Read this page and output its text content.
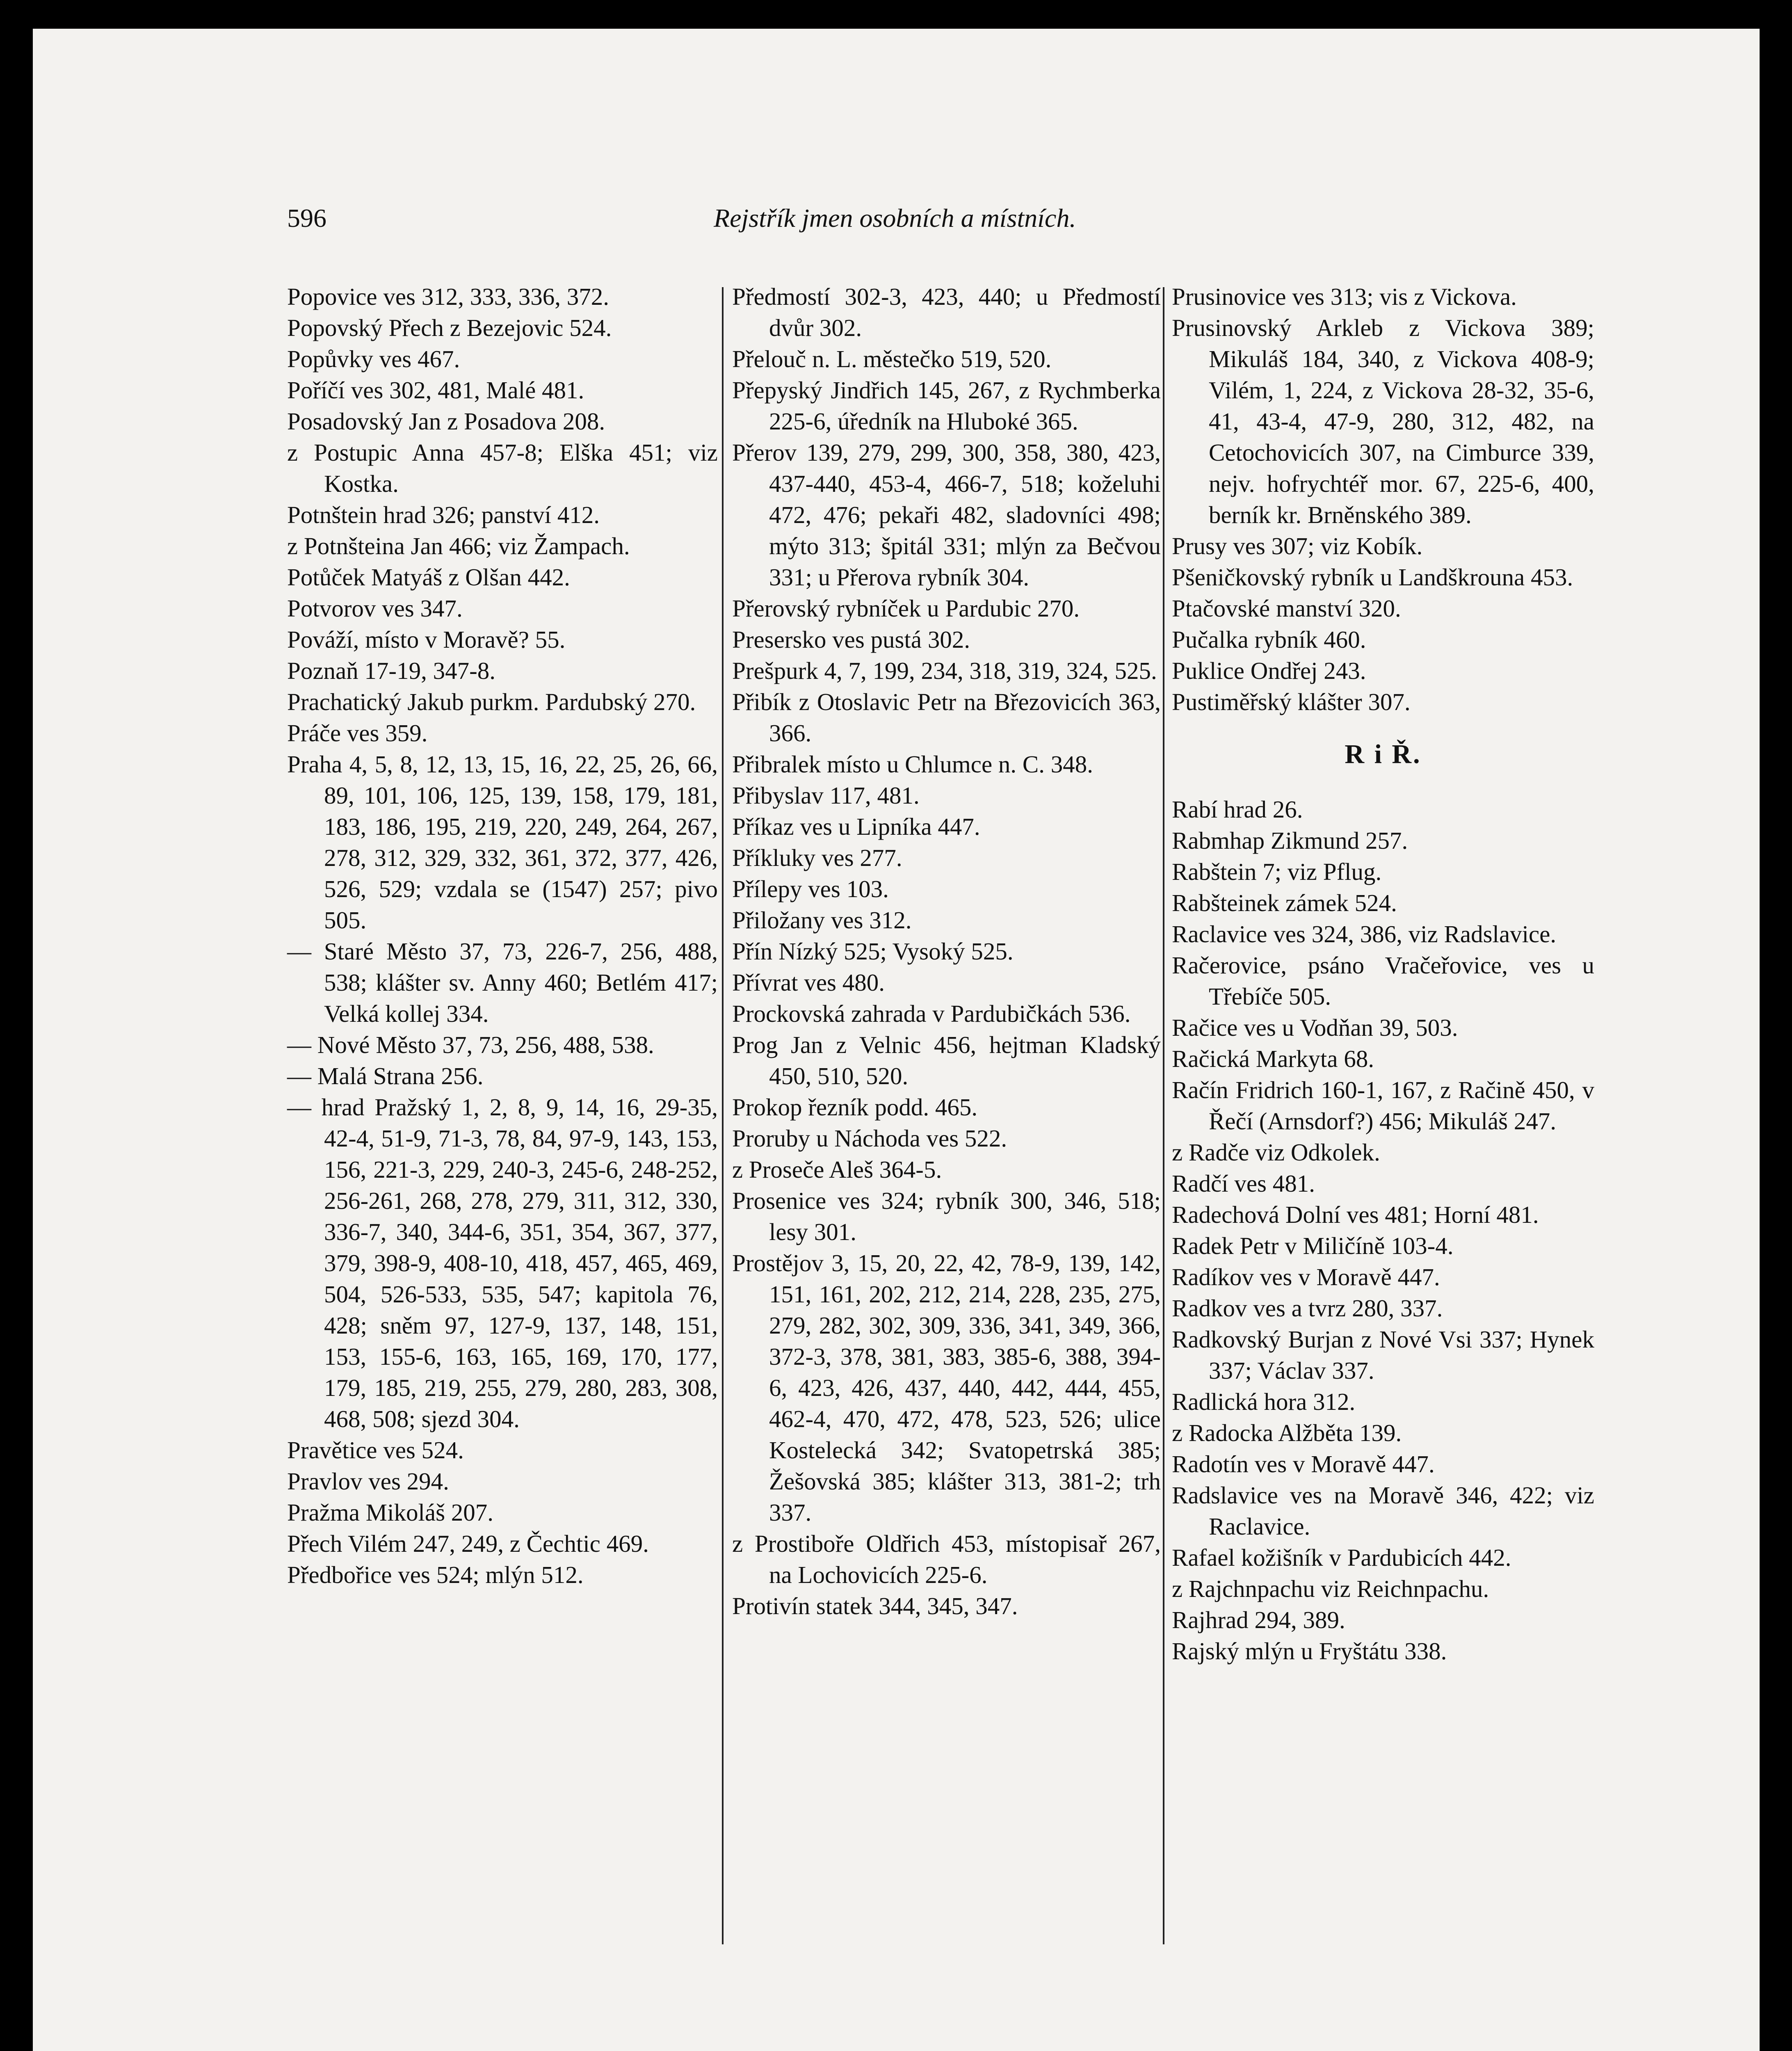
596	Rejstřík jmen osobních a místních.

Popovice ves 312, 333, 336, 372.

Popovský Přech z Bezejovic 524.

Popůvky ves 467.

Poříčí ves 302, 481, Malé 481.

Posadovský Jan z Posadova 208.

z Postupic Anna 457-8; Elška 451; viz Kostka.

Potnštein hrad 326; panství 412.

z Potnšteina Jan 466; viz Žampach.

Potůček Matyáš z Olšan 442.

Potvorov ves 347.

Pováží, místo v Moravě? 55.

Poznaň 17-19, 347-8.

Prachatický Jakub purkm. Pardubský 270.

Práče ves 359.

Praha 4, 5, 8, 12, 13, 15, 16, 22, 25, 26, 66, 89, 101, 106, 125, 139, 158, 179, 181, 183, 186, 195, 219, 220, 249, 264, 267, 278, 312, 329, 332, 361, 372, 377, 426, 526, 529; vzdala se (1547) 257; pivo 505.

— Staré Město 37, 73, 226-7, 256, 488, 538; klášter sv. Anny 460; Betlém 417; Velká kollej 334.

— Nové Město 37, 73, 256, 488, 538.

— Malá Strana 256.

— hrad Pražský 1, 2, 8, 9, 14, 16, 29-35, 42-4, 51-9, 71-3, 78, 84, 97-9, 143, 153, 156, 221-3, 229, 240-3, 245-6, 248-252, 256-261, 268, 278, 279, 311, 312, 330, 336-7, 340, 344-6, 351, 354, 367, 377, 379, 398-9, 408-10, 418, 457, 465, 469, 504, 526-533, 535, 547; kapitola 76, 428; sněm 97, 127-9, 137, 148, 151, 153, 155-6, 163, 165, 169, 170, 177, 179, 185, 219, 255, 279, 280, 283, 308, 468, 508; sjezd 304.

Pravětice ves 524.

Pravlov ves 294.

Pražma Mikoláš 207.

Přech Vilém 247, 249, z Čechtic 469.

Předbořice ves 524; mlýn 512.

Předmostí 302-3, 423, 440; u Předmostí dvůr 302.

Přelouč n. L. městečko 519, 520.

Přepyský Jindřich 145, 267, z Rychmberka 225-6, úředník na Hluboké 365.

Přerov 139, 279, 299, 300, 358, 380, 423, 437-440, 453-4, 466-7, 518; koželuhi 472, 476; pekaři 482, sladovníci 498; mýto 313; špitál 331; mlýn za Bečvou 331; u Přerova rybník 304.

Přerovský rybníček u Pardubic 270.

Presersko ves pustá 302.

Prešpurk 4, 7, 199, 234, 318, 319, 324, 525.

Přibík z Otoslavic Petr na Březovicích 363, 366.

Přibralek místo u Chlumce n. C. 348.

Přibyslav 117, 481.

Příkaz ves u Lipníka 447.

Příkluky ves 277.

Přílepy ves 103.

Přiložany ves 312.

Přín Nízký 525; Vysoký 525.

Přívrat ves 480.

Prockovská zahrada v Pardubičkách 536.

Prog Jan z Velnic 456, hejtman Kladský 450, 510, 520.

Prokop řezník podd. 465.

Proruby u Náchoda ves 522.

z Proseče Aleš 364-5.

Prosenice ves 324; rybník 300, 346, 518; lesy 301.

Prostějov 3, 15, 20, 22, 42, 78-9, 139, 142, 151, 161, 202, 212, 214, 228, 235, 275, 279, 282, 302, 309, 336, 341, 349, 366, 372-3, 378, 381, 383, 385-6, 388, 394-6, 423, 426, 437, 440, 442, 444, 455, 462-4, 470, 472, 478, 523, 526; ulice Kostelecká 342; Svatopetrská 385; Žešovská 385; klášter 313, 381-2; trh 337.

z Prostiboře Oldřich 453, místopisař 267, na Lochovicích 225-6.

Protivín statek 344, 345, 347.

Prusinovice ves 313; vis z Vickova.

Prusinovský Arkleb z Vickova 389; Mikuláš 184, 340, z Vickova 408-9; Vilém, 1, 224, z Vickova 28-32, 35-6, 41, 43-4, 47-9, 280, 312, 482, na Cetochovicích 307, na Cimburce 339, nejv. hofrychtéř mor. 67, 225-6, 400, berník kr. Brněnského 389.

Prusy ves 307; viz Kobík.

Pšeničkovský rybník u Landškrouna 453.

Ptačovské manství 320.

Pučalka rybník 460.

Puklice Ondřej 243.

Pustiměřský klášter 307.

R i Ř.

Rabí hrad 26.

Rabmhap Zikmund 257.

Rabštein 7; viz Pflug.

Rabšteinek zámek 524.

Raclavice ves 324, 386, viz Radslavice.

Račerovice, psáno Vračeřovice, ves u Třebíče 505.

Račice ves u Vodňan 39, 503.

Račická Markyta 68.

Račín Fridrich 160-1, 167, z Račině 450, v Řečí (Arnsdorf?) 456; Mikuláš 247.

z Radče viz Odkolek.

Radčí ves 481.

Radechová Dolní ves 481; Horní 481.

Radek Petr v Miličíně 103-4.

Radíkov ves v Moravě 447.

Radkov ves a tvrz 280, 337.

Radkovský Burjan z Nové Vsi 337; Hynek 337; Václav 337.

Radlická hora 312.

z Radocka Alžběta 139.

Radotín ves v Moravě 447.

Radslavice ves na Moravě 346, 422; viz Raclavice.

Rafael kožišník v Pardubicích 442.

z Rajchnpachu viz Reichnpachu.

Rajhrad 294, 389.

Rajský mlýn u Fryštátu 338.
